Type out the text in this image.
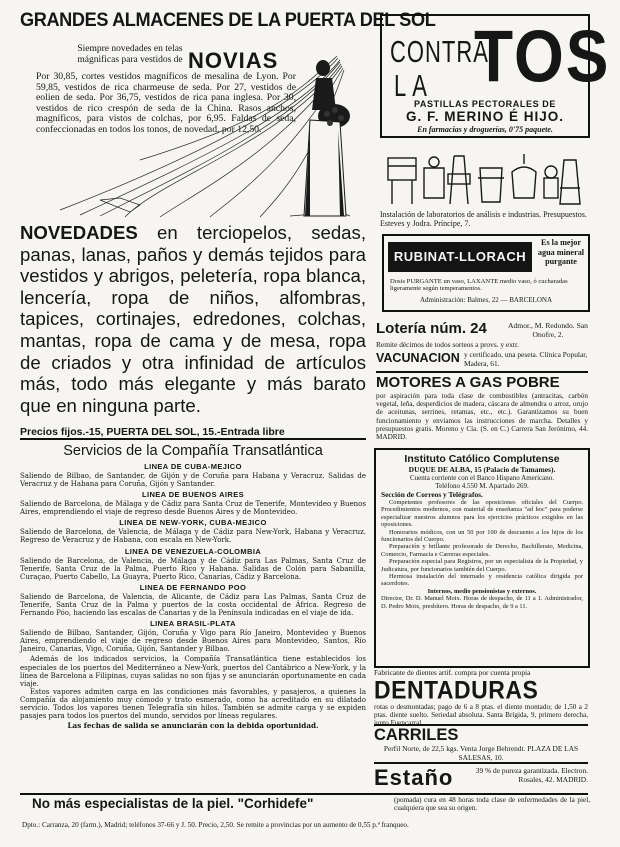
GRANDES ALMACENES DE LA PUERTA DEL SOL
Siempre novedades en telas mágnificas para vestidos de NOVIAS
Por 30,85, cortes vestidos magníficos de mesalina de Lyon. Por 59,85, vestidos de rica charmeuse de seda. Por 27, vestidos de eolien de seda. Por 36,75, vestidos de rica pana inglesa. Por 30, vestidos de rico crespón de seda de la China. Rasos anchos, magníficos, para vistos de colchas, por 6,95. Faldas de seda, confeccionadas en todos los tonos, de novedad, por 12,50.
NOVEDADES en terciopelos, sedas, panas, lanas, paños y demás tejidos para vestidos y abrigos, peletería, ropa blanca, lencería, ropa de niños, alfombras, tapices, cortinajes, edredones, colchas, mantas, ropa de cama y de mesa, ropa de criados y otra infinidad de artículos más, todo más elegante y más barato que en ninguna parte.
Precios fijos.-15, PUERTA DEL SOL, 15.-Entrada libre
Servicios de la Compañía Transatlántica
LINEA DE CUBA-MEJICO

Saliendo de Bilbao, de Santander, de Gijón y de Coruña para Habana y Veracruz. Salidas de Veracruz y de Habana para Coruña, Gijón y Santander.

LINEA DE BUENOS AIRES

Saliendo de Barcelona, de Málaga y de Cádiz para Santa Cruz de Tenerife, Montevideo y Buenos Aires, emprendiendo el viaje de regreso desde Buenos Aires y de Montevideo.

LINEA DE NEW-YORK, CUBA-MEJICO

Saliendo de Barcelona, de Valencia, de Málaga y de Cádiz para New-York, Habana y Veracruz. Regreso de Veracruz y de Habana, con escala en New-York.

LINEA DE VENEZUELA-COLOMBIA

Saliendo de Barcelona, de Valencia, de Málaga y de Cádiz para Las Palmas, Santa Cruz de Tenerife, Santa Cruz de la Palma, Puerto Rico y Habana. Salidas de Colón para Sabanilla, Curaçao, Puerto Cabello, La Guayra, Puerto Rico, Canarias, Cádiz y Barcelona.

LINEA DE FERNANDO POO

Saliendo de Barcelona, de Valencia, de Alicante, de Cádiz para Las Palmas, Santa Cruz de Tenerife, Santa Cruz de la Palma y puertos de la costa occidental de África. Regreso de Fernando Póo, haciendo las escalas de Canarias y de la Península indicadas en el viaje de ida.

LINEA BRASIL-PLATA

Saliendo de Bilbao, Santander, Gijón, Coruña y Vigo para Río Janeiro, Montevideo y Buenos Aires, emprendiendo el viaje de regreso desde Buenos Aires para Montevideo, Santos, Río Janeiro, Canarias, Vigo, Coruña, Gijón, Santander y Bilbao.

Además de los indicados servicios, la Compañía Transatlántica tiene establecidos los especiales de los puertos del Mediterráneo a New-York, puertos del Cantábrico a New-York, y la línea de Barcelona a Filipinas, cuyas salidas no son fijas y se anunciarán oportunamente en cada viaje.

Estos vapores admiten carga en las condiciones más favorables, y pasajeros, a quienes la Compañía da alojamiento muy cómodo y trato esmerado, como ha acreditado en su dilatado servicio. Todos los vapores tienen Telegrafía sin hilos. También se admite carga y se expiden pasajes para todos los puertos del mundo, servidos por líneas regulares.

Las fechas de salida se anunciarán con la debida oportunidad.

CONTRA
LA TOS
PASTILLAS PECTORALES DE
G. F. MERINO É HIJO.
En farmacias y droguerías, 0'75 paquete.
Instalación de laboratorios de análisis e industrias. Presupuestos. Esteves y Jodra. Príncipe, 7.
RUBINAT-LLORACH
Es la mejor agua mineral purgante
Dosis PURGANTE un vaso, LAXANTE medio vaso, ó cucharadas ligeramente según temperamentos.
Administración: Balmes, 22 — BARCELONA
Lotería núm. 24	Admor., M. Redondo. San Onofre, 2.
Remite décimos de todos sorteos a provs. y extr.
VACUNACION y certificado, una peseta. Clínica Popular, Madera, 61.
MOTORES A GAS POBRE

por aspiración para toda clase de combustibles (antracitas, carbón vegetal, leña, desperdicios de madera, cáscara de almendra o arroz, orujo de aceitunas, serrines, retamas, etc., etc.). Garantizamos su buen funcionamiento y enviamos las instrucciones de marcha. Detalles y presupuestos gratis. Moreno y Cía. (S. en C.) Carrera San Jerónimo, 44. MADRID.

Instituto Católico Complutense
DUQUE DE ALBA, 15 (Palacio de Tamames).
Cuenta corriente con el Banco Hispano Americano.
Teléfono 4.550 M. Apartado 269.
Sección de Correos y Telégrafos.

Competentes profesores de las oposiciones oficiales del Cuerpo. Procedimientos modernos, con material de enseñanza "ad hoc" para poderse especializar nuestros alumnos para los ejercicios prácticos exigidos en las oposiciones.

Honorarios módicos, con un 50 por 100 de descuento a los hijos de los funcionarios del Cuerpo.

Preparación y brillante profesorado de Derecho, Bachillerato, Medicina, Comercio, Farmacia e Carreras especiales.

Preparación especial para Registros, por un especialista de la Propiedad, y Judicatura, por funcionarios también del Cuerpo.

Hermosa instalación del internado y residencia católica dirigida por sacerdotes.

Internos, medio pensionistas y externos.

Director, Dr. D. Manuel Moix. Horas de despacho, de 11 a 1. Administrador, D. Pedro Moix, presbítero. Horas de despacho, de 9 a 11.

Fabricante de dientes artif. compra por cuenta propia
DENTADURAS

rotas o desmontadas; pago de 6 a 8 ptas. el diente montado; de 1,50 a 2 ptas. diente suelto. Seriedad absoluta. Santa Brígida, 9, primero derecha,

CARRILES

Perfil Norte, de 22,5 kgs. Venta Jorge Behrendt. PLAZA DE LAS SALESAS, 10.

Estaño	39 % de pureza garantizada. Electron. Rosales, 42. MADRID.

No más especialistas de la piel. "Corhidefe"	(pomada) cura en 48 horas toda clase de enfermedades de la piel, cualquiera que sea su origen.

Dpto.: Carranza, 20 (farm.), Madrid; teléfonos 37-66 y J. 50. Precio, 2,50. Se remite a provincias por un aumento de 0,55 p.ª franqueo.
